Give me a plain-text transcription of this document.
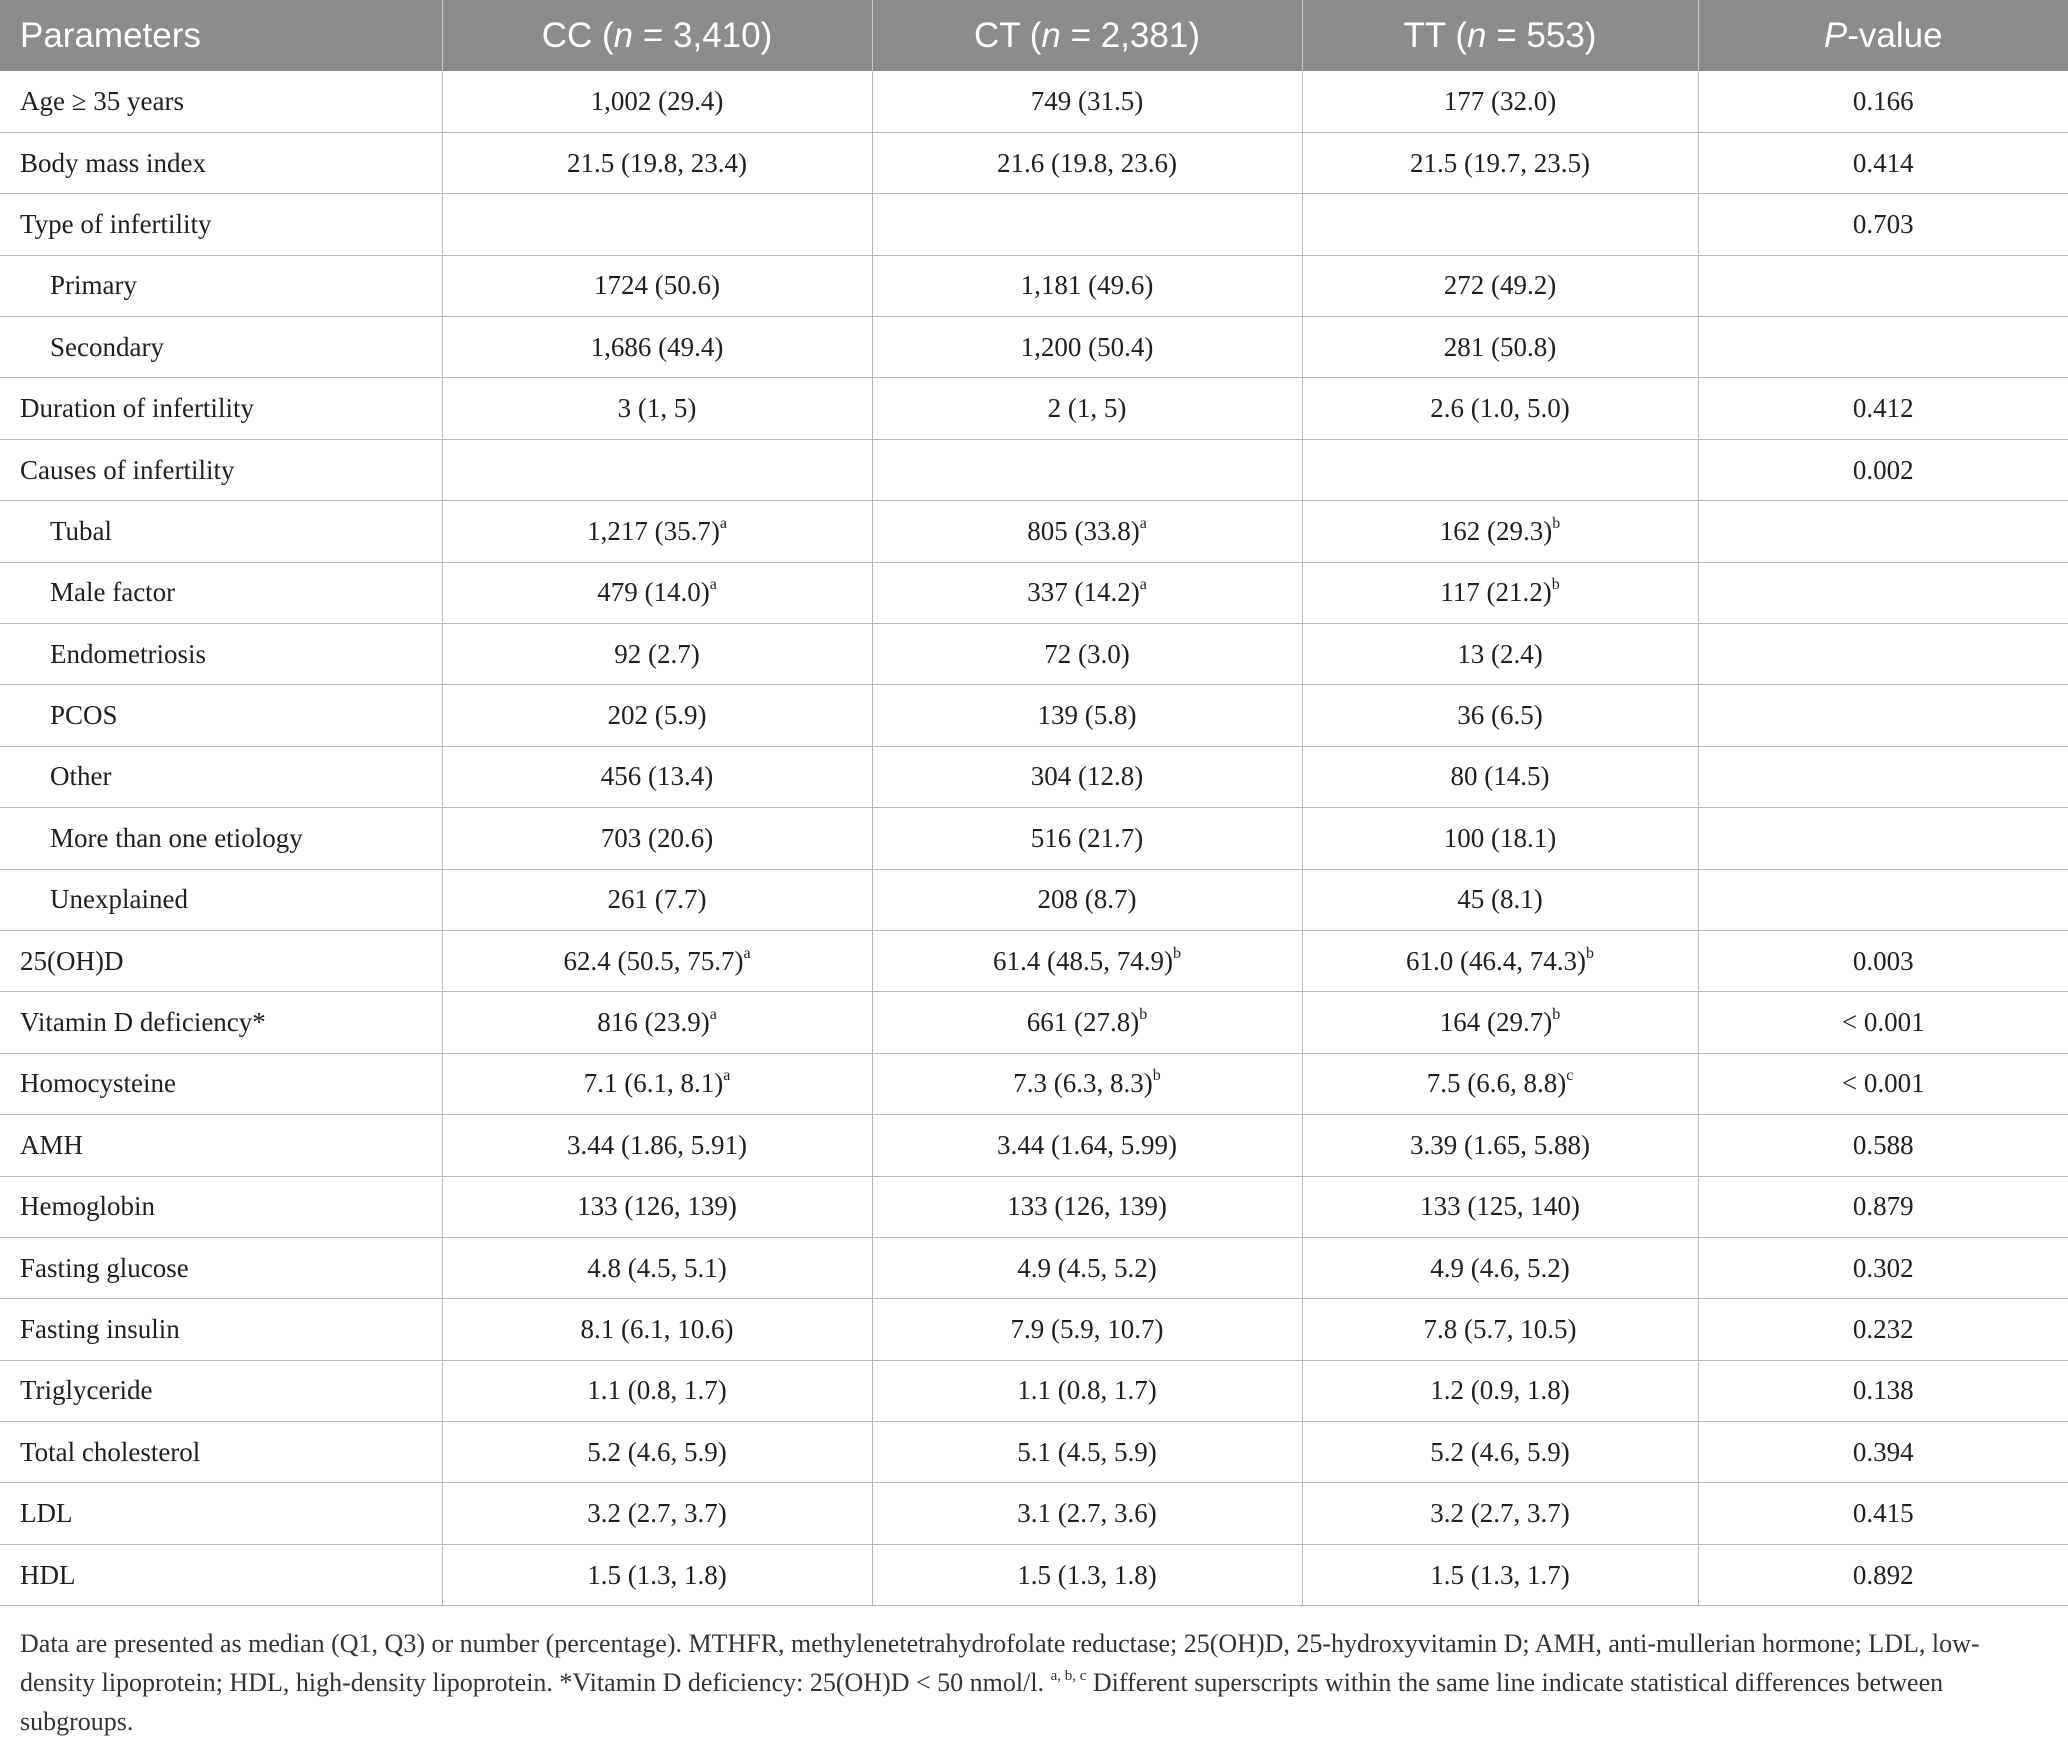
Parameters	CC (n = 3,410)	CT (n = 2,381)	TT (n = 553)	P-value
Age ≥ 35 years	1,002 (29.4)	749 (31.5)	177 (32.0)	0.166
Body mass index	21.5 (19.8, 23.4)	21.6 (19.8, 23.6)	21.5 (19.7, 23.5)	0.414
Type of infertility				0.703
Primary	1724 (50.6)	1,181 (49.6)	272 (49.2)	
Secondary	1,686 (49.4)	1,200 (50.4)	281 (50.8)	
Duration of infertility	3 (1, 5)	2 (1, 5)	2.6 (1.0, 5.0)	0.412
Causes of infertility				0.002
Tubal	1,217 $(35.7)^a$	805 $(33.8)^a$	162 $(29.3)^b$	
Male factor	479 $(14.0)^a$	337 $(14.2)^a$	117 $(21.2)^b$	
Endometriosis	92 (2.7)	72 (3.0)	13 (2.4)	
PCOS	202 (5.9)	139 (5.8)	36 (6.5)	
Other	456 (13.4)	304 (12.8)	80 (14.5)	
More than one etiology	703 (20.6)	516 (21.7)	100 (18.1)	
Unexplained	261 (7.7)	208 (8.7)	45 (8.1)	
25(OH)D	62.4 (50.5, 75.7)$^a$	61.4 (48.5, 74.9)$^b$	61.0 (46.4, 74.3)$^b$	0.003
Vitamin D deficiency*	816 $(23.9)^a$	661 $(27.8)^b$	164 $(29.7)^b$	< 0.001
Homocysteine	7.1 (6.1, 8.1)$^a$	7.3 (6.3, 8.3)$^b$	7.5 (6.6, 8.8)$^c$	< 0.001
AMH	3.44 (1.86, 5.91)	3.44 (1.64, 5.99)	3.39 (1.65, 5.88)	0.588
Hemoglobin	133 (126, 139)	133 (126, 139)	133 (125, 140)	0.879
Fasting glucose	4.8 (4.5, 5.1)	4.9 (4.5, 5.2)	4.9 (4.6, 5.2)	0.302
Fasting insulin	8.1 (6.1, 10.6)	7.9 (5.9, 10.7)	7.8 (5.7, 10.5)	0.232
Triglyceride	1.1 (0.8, 1.7)	1.1 (0.8, 1.7)	1.2 (0.9, 1.8)	0.138
Total cholesterol	5.2 (4.6, 5.9)	5.1 (4.5, 5.9)	5.2 (4.6, 5.9)	0.394
LDL	3.2 (2.7, 3.7)	3.1 (2.7, 3.6)	3.2 (2.7, 3.7)	0.415
HDL	1.5 (1.3, 1.8)	1.5 (1.3, 1.8)	1.5 (1.3, 1.7)	0.892

Data are presented as median (Q1, Q3) or number (percentage). MTHFR, methylenetetrahydrofolate reductase; 25(OH)D, 25-hydroxyvitamin D; AMH, anti-mullerian hormone; LDL, low-density lipoprotein; HDL, high-density lipoprotein. *Vitamin D deficiency: 25(OH)D < 50 nmol/l. $^{a, b, c}$ Different superscripts within the same line indicate statistical differences between subgroups.
